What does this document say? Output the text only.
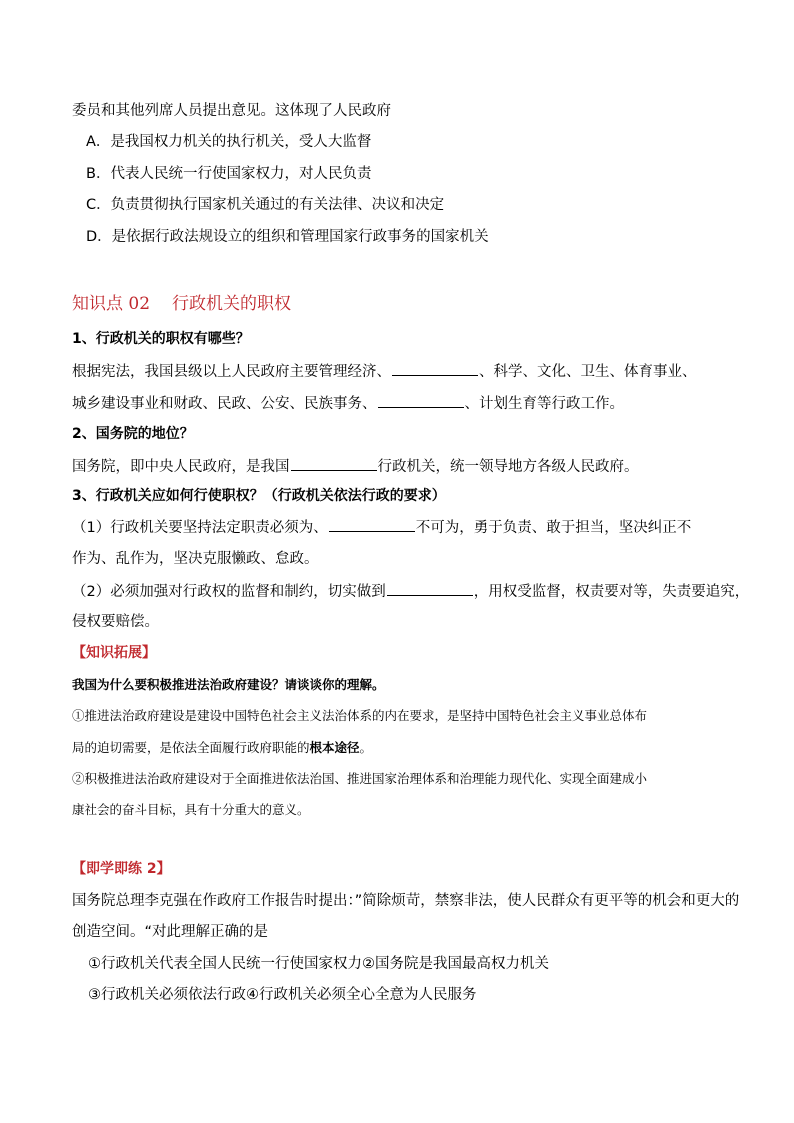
委员和其他列席人员提出意见。这体现了人民政府
A．是我国权力机关的执行机关，受人大监督
B．代表人民统一行使国家权力，对人民负责
C．负责贯彻执行国家机关通过的有关法律、决议和决定
D．是依据行政法规设立的组织和管理国家行政事务的国家机关
知识点 02 行政机关的职权
1、行政机关的职权有哪些？
根据宪法，我国县级以上人民政府主要管理经济、	、科学、文化、卫生、体育事业、
城乡建设事业和财政、民政、公安、民族事务、	、计划生育等行政工作。
2、国务院的地位？
国务院，即中央人民政府，是我国	行政机关，统一领导地方各级人民政府。
3、行政机关应如何行使职权？（行政机关依法行政的要求）
（1）行政机关要坚持法定职责必须为、	不可为，勇于负责、敢于担当，坚决纠正不
作为、乱作为，坚决克服懒政、怠政。
（2）必须加强对行政权的监督和制约，切实做到	，用权受监督，权责要对等，失责要追究，
侵权要赔偿。
【知识拓展】
我国为什么要积极推进法治政府建设？请谈谈你的理解。
①推进法治政府建设是建设中国特色社会主义法治体系的内在要求，是坚持中国特色社会主义事业总体布
局的迫切需要，是依法全面履行政府职能的根本途径。
②积极推进法治政府建设对于全面推进依法治国、推进国家治理体系和治理能力现代化、实现全面建成小
康社会的奋斗目标，具有十分重大的意义。
【即学即练 2】
国务院总理李克强在作政府工作报告时提出：”简除烦苛，禁察非法，使人民群众有更平等的机会和更大的
创造空间。“对此理解正确的是
①行政机关代表全国人民统一行使国家权力②国务院是我国最高权力机关
③行政机关必须依法行政④行政机关必须全心全意为人民服务
